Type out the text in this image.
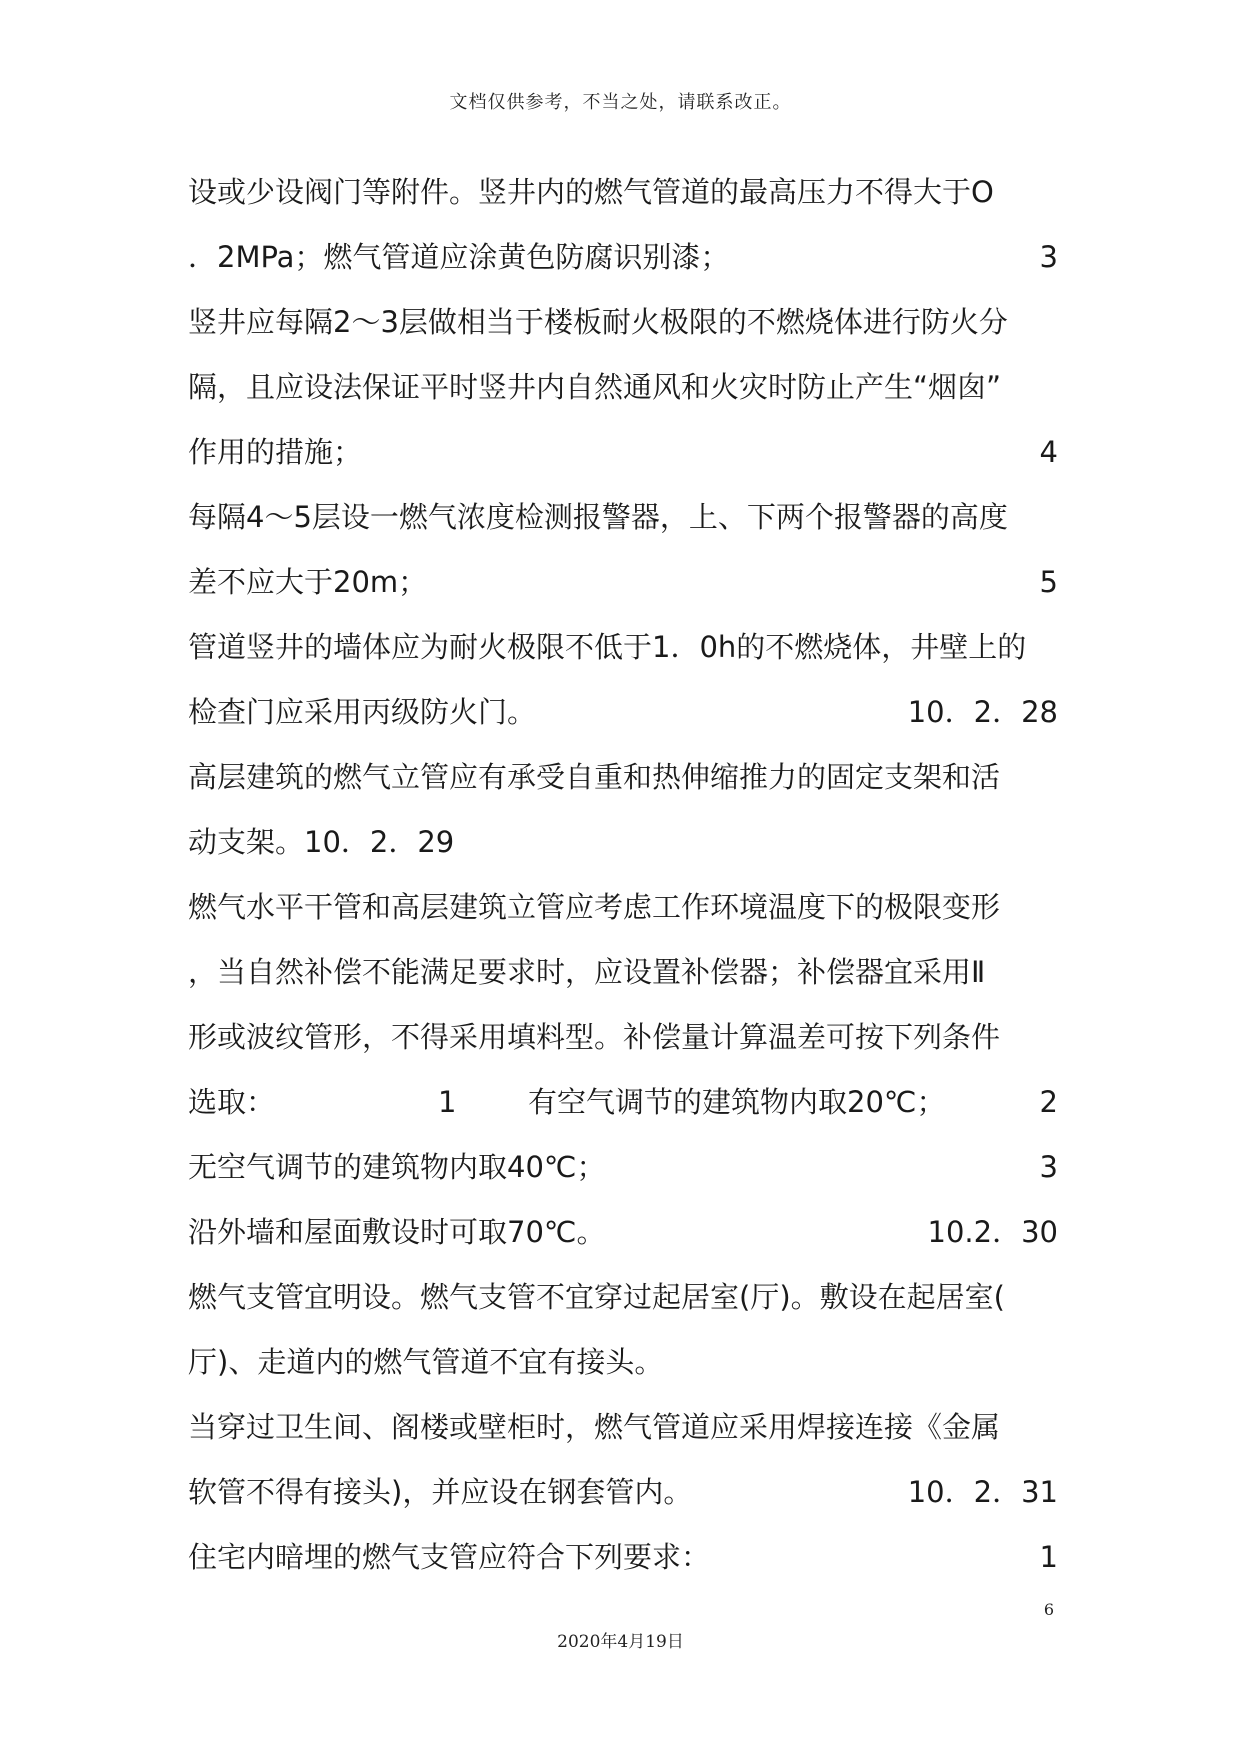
文档仅供参考，不当之处，请联系改正。
设或少设阀门等附件。竖井内的燃气管道的最高压力不得大于O
．2MPa；燃气管道应涂黄色防腐识别漆；	3
竖井应每隔2～3层做相当于楼板耐火极限的不燃烧体进行防火分
隔，且应设法保证平时竖井内自然通风和火灾时防止产生“烟囱”
作用的措施；	4
每隔4～5层设一燃气浓度检测报警器，上、下两个报警器的高度
差不应大于20m；	5
管道竖井的墙体应为耐火极限不低于1．0h的不燃烧体，井壁上的
检查门应采用丙级防火门。	10．2．28
高层建筑的燃气立管应有承受自重和热伸缩推力的固定支架和活
动支架。10．2．29
燃气水平干管和高层建筑立管应考虑工作环境温度下的极限变形
，当自然补偿不能满足要求时，应设置补偿器；补偿器宜采用Ⅱ
形或波纹管形，不得采用填料型。补偿量计算温差可按下列条件
选取：	1 有空气调节的建筑物内取20℃；	2
无空气调节的建筑物内取40℃；	3
沿外墙和屋面敷设时可取70℃。	10.2．30
燃气支管宜明设。燃气支管不宜穿过起居室(厅)。敷设在起居室(
厅)、走道内的燃气管道不宜有接头。
当穿过卫生间、阁楼或壁柜时，燃气管道应采用焊接连接《金属
软管不得有接头)，并应设在钢套管内。	10．2．31
住宅内暗埋的燃气支管应符合下列要求：	1
6
2020年4月19日
